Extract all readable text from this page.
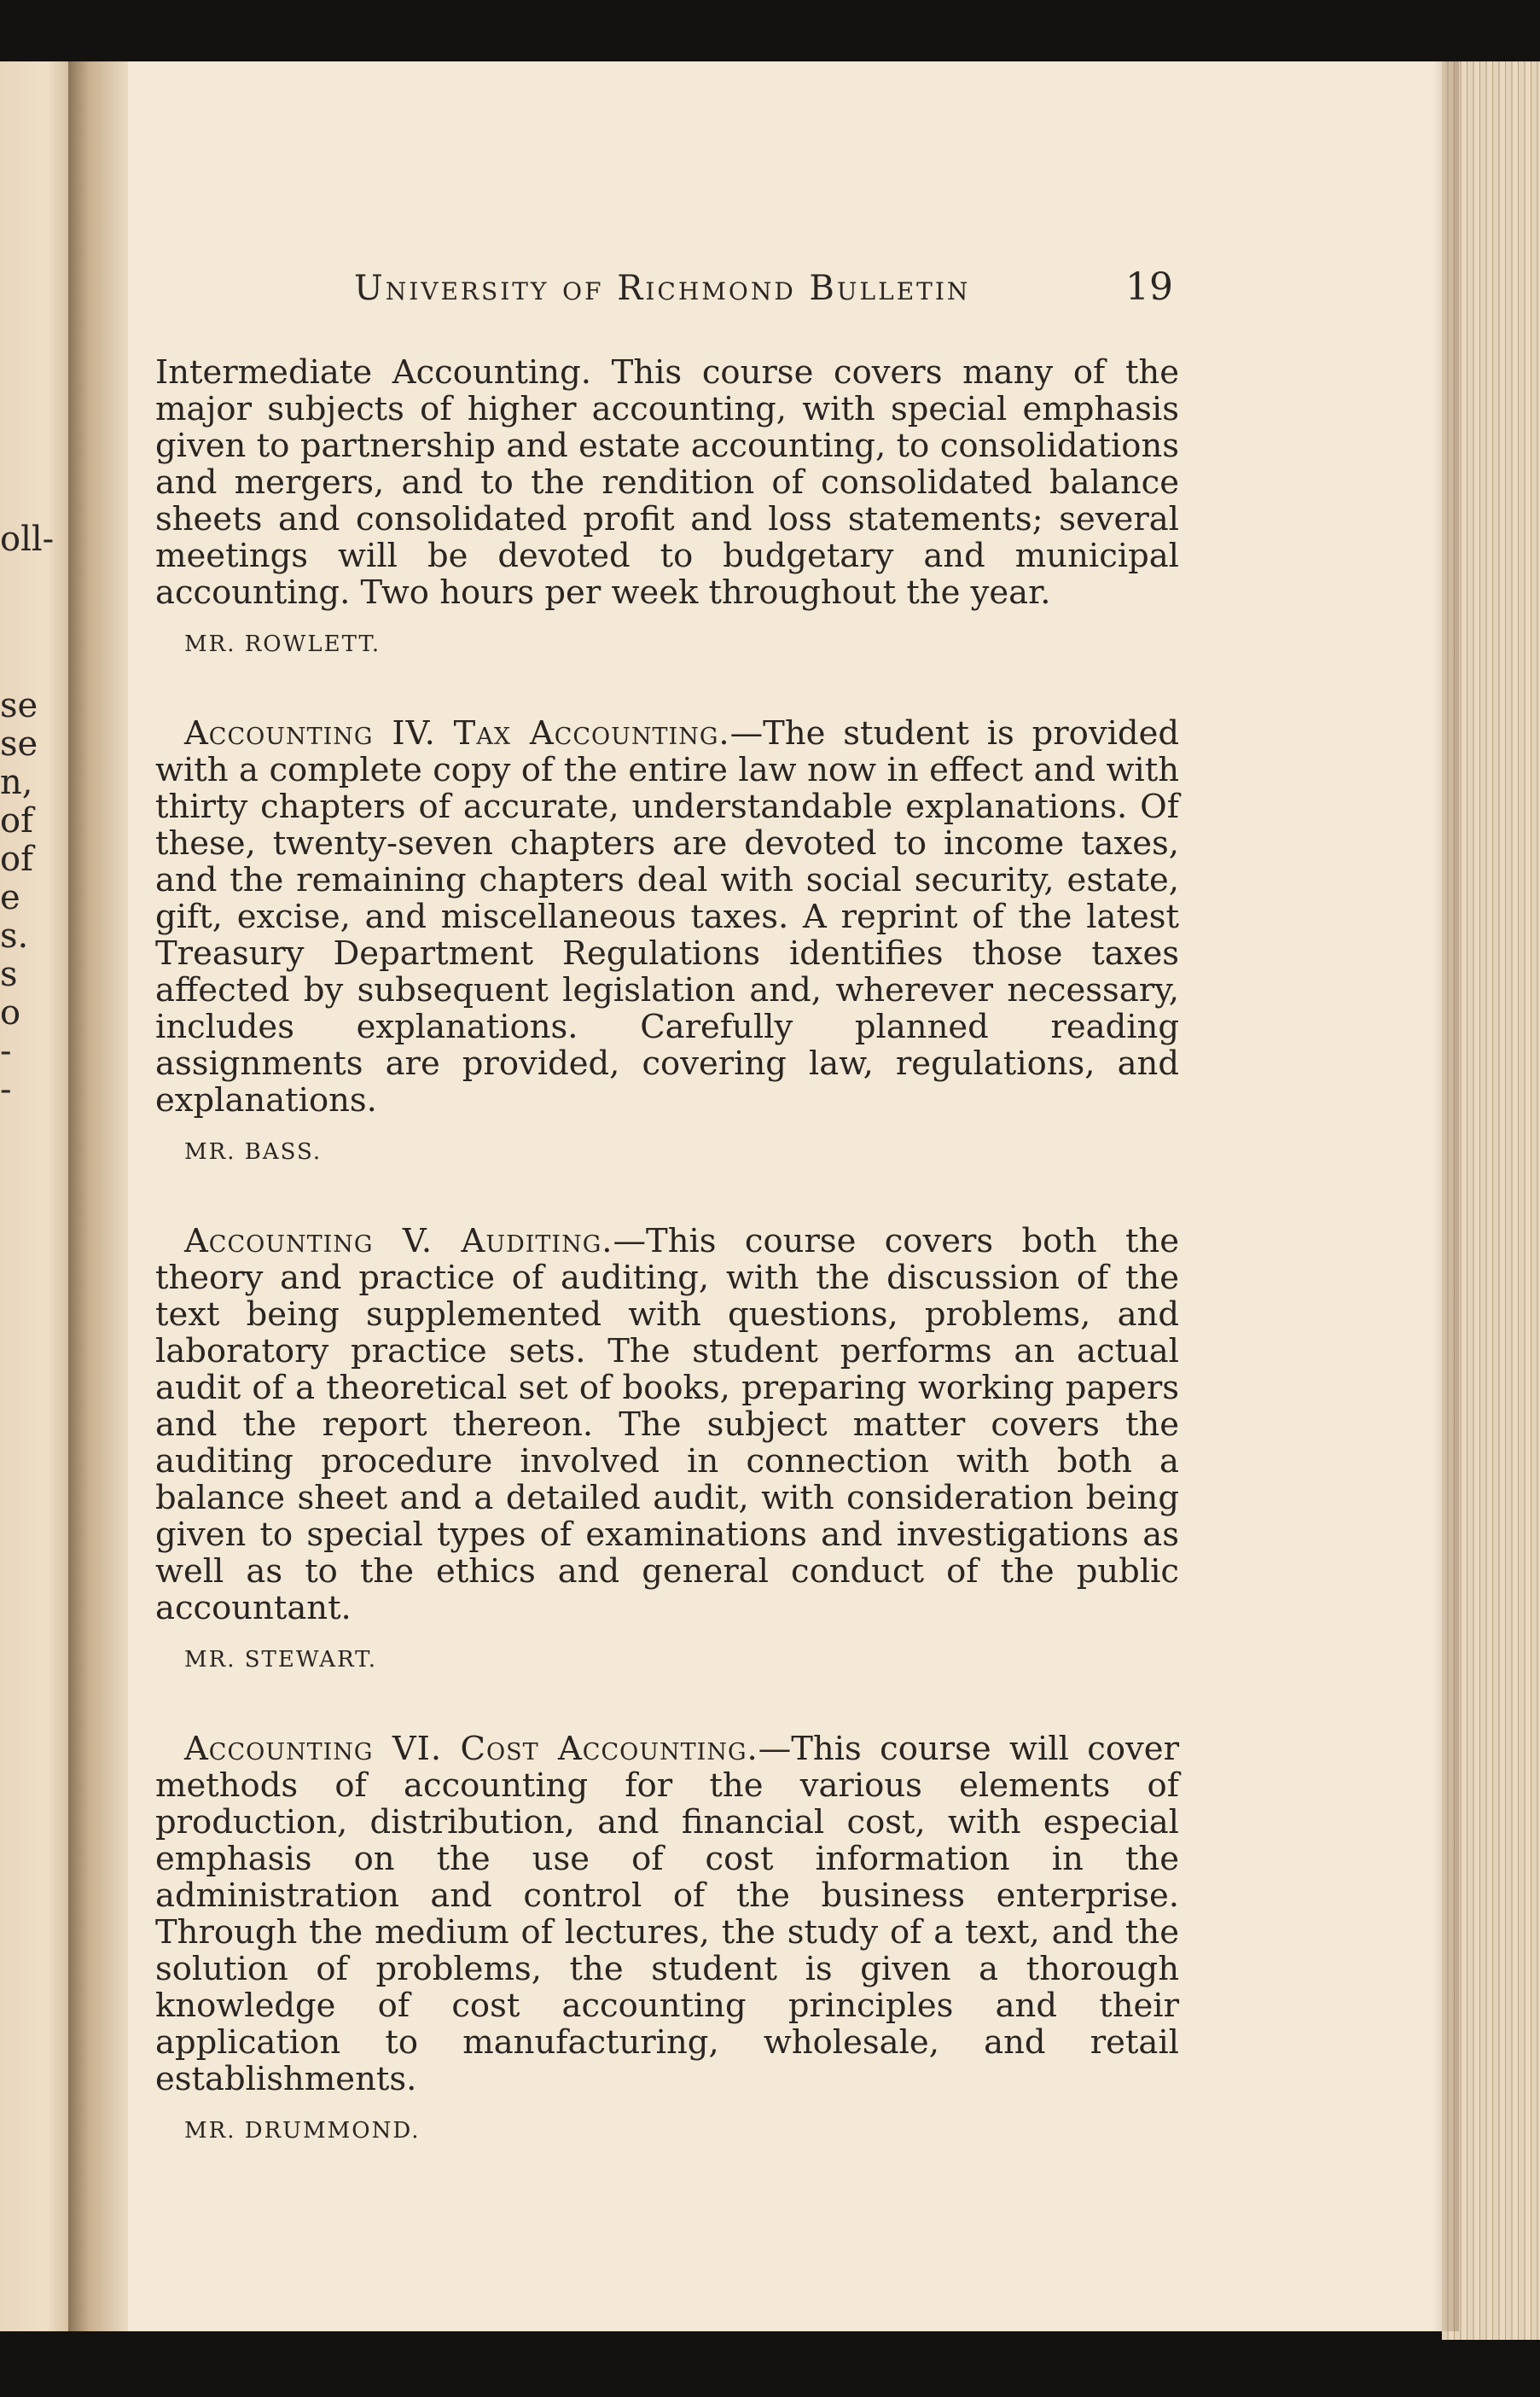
oll-
se
se
n,
of
of
e
s.
s
o
-
-
University of Richmond Bulletin	19

Intermediate Accounting. This course covers many of the major subjects of higher accounting, with special emphasis given to partnership and estate accounting, to consolidations and mergers, and to the rendition of consolidated balance sheets and consolidated profit and loss statements; several meetings will be devoted to budgetary and municipal accounting. Two hours per week throughout the year.

MR. ROWLETT.

Accounting IV. Tax Accounting.—The student is provided with a complete copy of the entire law now in effect and with thirty chapters of accurate, understandable explanations. Of these, twenty-seven chapters are devoted to income taxes, and the remaining chapters deal with social security, estate, gift, excise, and miscellaneous taxes. A reprint of the latest Treasury Department Regulations identifies those taxes affected by subsequent legislation and, wherever necessary, includes explanations. Carefully planned reading assignments are provided, covering law, regulations, and explanations.

MR. BASS.

Accounting V. Auditing.—This course covers both the theory and practice of auditing, with the discussion of the text being supplemented with questions, problems, and laboratory practice sets. The student performs an actual audit of a theoretical set of books, preparing working papers and the report thereon. The subject matter covers the auditing procedure involved in connection with both a balance sheet and a detailed audit, with consideration being given to special types of examinations and investigations as well as to the ethics and general conduct of the public accountant.

MR. STEWART.

Accounting VI. Cost Accounting.—This course will cover methods of accounting for the various elements of production, distribution, and financial cost, with especial emphasis on the use of cost information in the administration and control of the business enterprise. Through the medium of lectures, the study of a text, and the solution of problems, the student is given a thorough knowledge of cost accounting principles and their application to manufacturing, wholesale, and retail establishments.

MR. DRUMMOND.
